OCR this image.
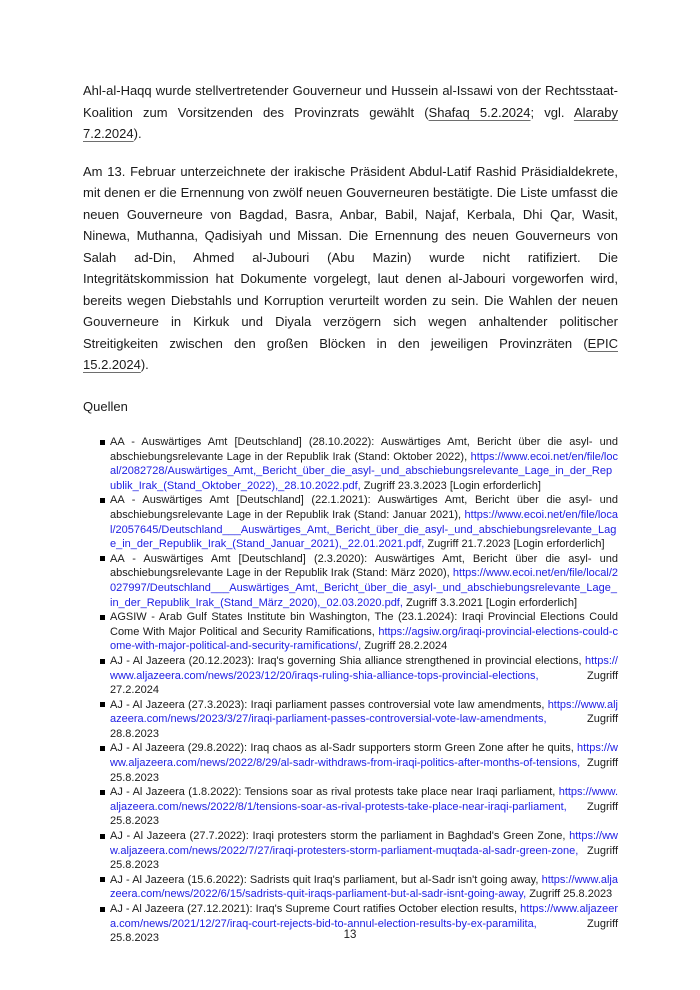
Ahl-al-Haqq wurde stellvertretender Gouverneur und Hussein al-Issawi von der Rechtsstaat-Koalition zum Vorsitzenden des Provinzrats gewählt (Shafaq 5.2.2024; vgl. Alaraby 7.2.2024).

Am 13. Februar unterzeichnete der irakische Präsident Abdul-Latif Rashid Präsidialdekrete, mit denen er die Ernennung von zwölf neuen Gouverneuren bestätigte. Die Liste umfasst die neuen Gouverneure von Bagdad, Basra, Anbar, Babil, Najaf, Kerbala, Dhi Qar, Wasit, Ninewa, Muthanna, Qadisiyah und Missan. Die Ernennung des neuen Gouverneurs von Salah ad-Din, Ahmed al-Jubouri (Abu Mazin) wurde nicht ratifiziert. Die Integritätskommission hat Dokumente vorgelegt, laut denen al-Jabouri vorgeworfen wird, bereits wegen Diebstahls und Korruption verurteilt worden zu sein. Die Wahlen der neuen Gouverneure in Kirkuk und Diyala verzögern sich wegen anhaltender politischer Streitigkeiten zwischen den großen Blöcken in den jeweiligen Provinzräten (EPIC 15.2.2024).

Quellen

AA - Auswärtiges Amt [Deutschland] (28.10.2022): Auswärtiges Amt, Bericht über die asyl- und abschiebungsrelevante Lage in der Republik Irak (Stand: Oktober 2022), https://www.ecoi.net/en/file/local/2082728/Auswärtiges_Amt,_Bericht_über_die_asyl-_und_abschiebungsrelevante_Lage_in_der_Republik_Irak_(Stand_Oktober_2022),_28.10.2022.pdf, Zugriff 23.3.2023 [Login erforderlich]
AA - Auswärtiges Amt [Deutschland] (22.1.2021): Auswärtiges Amt, Bericht über die asyl- und abschiebungsrelevante Lage in der Republik Irak (Stand: Januar 2021), https://www.ecoi.net/en/file/local/2057645/Deutschland___Auswärtiges_Amt,_Bericht_über_die_asyl-_und_abschiebungsrelevante_Lage_in_der_Republik_Irak_(Stand_Januar_2021),_22.01.2021.pdf, Zugriff 21.7.2023 [Login erforderlich]
AA - Auswärtiges Amt [Deutschland] (2.3.2020): Auswärtiges Amt, Bericht über die asyl- und abschiebungsrelevante Lage in der Republik Irak (Stand: März 2020), https://www.ecoi.net/en/file/local/2027997/Deutschland___Auswärtiges_Amt,_Bericht_über_die_asyl-_und_abschiebungsrelevante_Lage_in_der_Republik_Irak_(Stand_März_2020),_02.03.2020.pdf, Zugriff 3.3.2021 [Login erforderlich]
AGSIW - Arab Gulf States Institute bin Washington, The (23.1.2024): Iraqi Provincial Elections Could Come With Major Political and Security Ramifications, https://agsiw.org/iraqi-provincial-elections-could-come-with-major-political-and-security-ramifications/, Zugriff 28.2.2024
AJ - Al Jazeera (20.12.2023): Iraq's governing Shia alliance strengthened in provincial elections, https://www.aljazeera.com/news/2023/12/20/iraqs-ruling-shia-alliance-tops-provincial-elections, Zugriff 27.2.2024
AJ - Al Jazeera (27.3.2023): Iraqi parliament passes controversial vote law amendments, https://www.aljazeera.com/news/2023/3/27/iraqi-parliament-passes-controversial-vote-law-amendments, Zugriff 28.8.2023
AJ - Al Jazeera (29.8.2022): Iraq chaos as al-Sadr supporters storm Green Zone after he quits, https://www.aljazeera.com/news/2022/8/29/al-sadr-withdraws-from-iraqi-politics-after-months-of-tensions, Zugriff 25.8.2023
AJ - Al Jazeera (1.8.2022): Tensions soar as rival protests take place near Iraqi parliament, https://www.aljazeera.com/news/2022/8/1/tensions-soar-as-rival-protests-take-place-near-iraqi-parliament, Zugriff 25.8.2023
AJ - Al Jazeera (27.7.2022): Iraqi protesters storm the parliament in Baghdad's Green Zone, https://www.aljazeera.com/news/2022/7/27/iraqi-protesters-storm-parliament-muqtada-al-sadr-green-zone, Zugriff 25.8.2023
AJ - Al Jazeera (15.6.2022): Sadrists quit Iraq's parliament, but al-Sadr isn't going away, https://www.aljazeera.com/news/2022/6/15/sadrists-quit-iraqs-parliament-but-al-sadr-isnt-going-away, Zugriff 25.8.2023
AJ - Al Jazeera (27.12.2021): Iraq's Supreme Court ratifies October election results, https://www.aljazeera.com/news/2021/12/27/iraq-court-rejects-bid-to-annul-election-results-by-ex-paramilita, Zugriff 25.8.2023	13
